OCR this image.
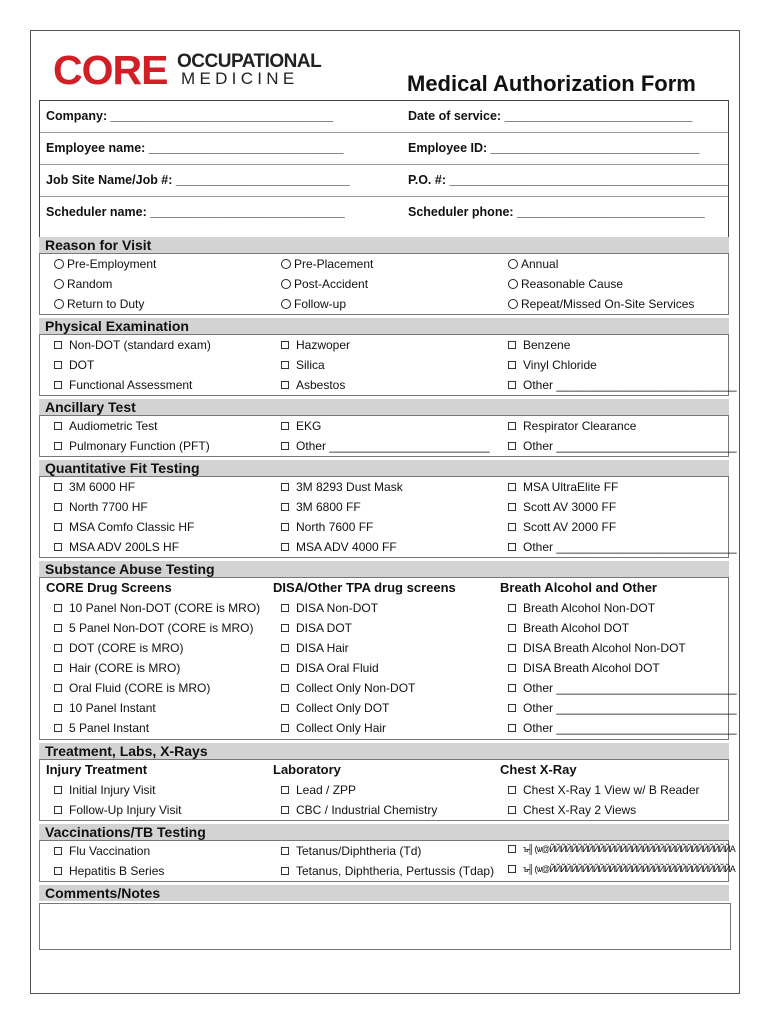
CORE OCCUPATIONAL
MEDICINE	Medical Authorization Form
Company: ________________________________	Date of service: ___________________________
Employee name: ____________________________	Employee ID: ______________________________
Job Site Name/Job #: _________________________	P.O. #: ________________________________________
Scheduler name: ____________________________	Scheduler phone: ___________________________
Reason for Visit
Pre-Employment	Pre-Placement	Annual
Random	Post-Accident	Reasonable Cause
Return to Duty	Follow-up	Repeat/Missed On-Site Services
Physical Examination
Non-DOT (standard exam)	Hazwoper	Benzene
DOT	Silica	Vinyl Chloride
Functional Assessment	Asbestos	Other ___________________________
Ancillary Test
Audiometric Test	EKG	Respirator Clearance
Pulmonary Function (PFT)	Other ________________________	Other ___________________________
Quantitative Fit Testing
3M 6000 HF	3M 8293 Dust Mask	MSA UltraElite FF
North 7700 HF	3M 6800 FF	Scott AV 3000 FF
MSA Comfo Classic HF	North 7600 FF	Scott AV 2000 FF
MSA ADV 200LS HF	MSA ADV 4000 FF	Other ___________________________
Substance Abuse Testing
CORE Drug Screens	DISA/Other TPA drug screens	Breath Alcohol and Other
10 Panel Non-DOT (CORE is MRO)	DISA Non-DOT	Breath Alcohol Non-DOT
5 Panel Non-DOT (CORE is MRO)	DISA DOT	Breath Alcohol DOT
DOT (CORE is MRO)	DISA Hair	DISA Breath Alcohol Non-DOT
Hair (CORE is MRO)	DISA Oral Fluid	DISA Breath Alcohol DOT
Oral Fluid (CORE is MRO)	Collect Only Non-DOT	Other ___________________________
10 Panel Instant	Collect Only DOT	Other ___________________________
5 Panel Instant	Collect Only Hair	Other ___________________________
Treatment, Labs, X-Rays
Injury Treatment	Laboratory	Chest X-Ray
Initial Injury Visit	Lead / ZPP	Chest X-Ray 1 View w/ B Reader
Follow-Up Injury Visit	CBC / Industrial Chemistry	Chest X-Ray 2 Views
Vaccinations/TB Testing
Flu Vaccination	Tetanus/Diphtheria (Td)	ъ╢ (ѡ@ЙЙЙЙЙЙЙЙЙЙЙЙЙЙЙЙЙЙЙЙЙЙЙЙЙЙЙЙЙЙЙЙЙA
Hepatitis B Series	Tetanus, Diphtheria, Pertussis (Tdap)	ъ╢ (ѡ@ЙЙЙЙЙЙЙЙЙЙЙЙЙЙЙЙЙЙЙЙЙЙЙЙЙЙЙЙЙЙЙЙЙA
Comments/Notes
